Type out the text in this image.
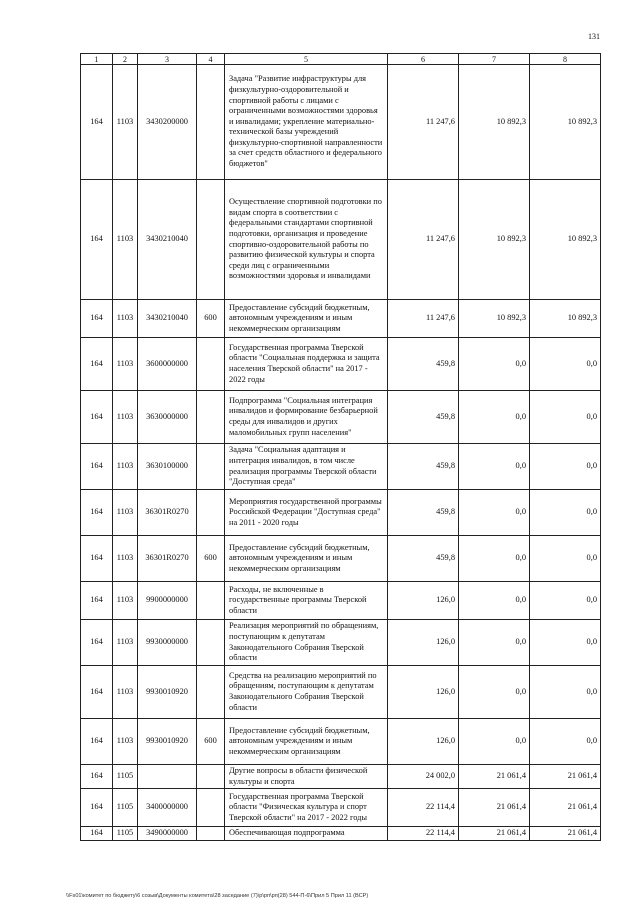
131
1	2	3	4	5	6	7	8
164	1103	3430200000		Задача "Развитие инфраструктуры для физкультурно-оздоровительной и спортивной работы с лицами с ограниченными возможностями здоровья и инвалидами; укрепление материально-технической базы учреждений физкультурно-спортивной направленности за счет средств областного и федерального бюджетов"	11 247,6	10 892,3	10 892,3
164	1103	3430210040		Осуществление спортивной подготовки по видам спорта в соответствии с федеральными стандартами спортивной подготовки, организация и проведение спортивно-оздоровительной работы по развитию физической культуры и спорта среди лиц с ограниченными возможностями здоровья и инвалидами	11 247,6	10 892,3	10 892,3
164	1103	3430210040	600	Предоставление субсидий бюджетным, автономным учреждениям и иным некоммерческим организациям	11 247,6	10 892,3	10 892,3
164	1103	3600000000		Государственная программа Тверской области "Социальная поддержка и защита населения Тверской области" на 2017 - 2022 годы	459,8	0,0	0,0
164	1103	3630000000		Подпрограмма "Социальная интеграция инвалидов и формирование безбарьерной среды для инвалидов и других маломобильных групп населения"	459,8	0,0	0,0
164	1103	3630100000		Задача "Социальная адаптация и интеграция инвалидов, в том числе реализация программы Тверской области "Доступная среда"	459,8	0,0	0,0
164	1103	36301R0270		Мероприятия государственной программы Российской Федерации "Доступная среда" на 2011 - 2020 годы	459,8	0,0	0,0
164	1103	36301R0270	600	Предоставление субсидий бюджетным, автономным учреждениям и иным некоммерческим организациям	459,8	0,0	0,0
164	1103	9900000000		Расходы, не включенные в государственные программы Тверской области	126,0	0,0	0,0
164	1103	9930000000		Реализация мероприятий по обращениям, поступающим к депутатам Законодательного Собрания Тверской области	126,0	0,0	0,0
164	1103	9930010920		Средства на реализацию мероприятий по обращениям, поступающим к депутатам Законодательного Собрания Тверской области	126,0	0,0	0,0
164	1103	9930010920	600	Предоставление субсидий бюджетным, автономным учреждениям и иным некоммерческим организациям	126,0	0,0	0,0
164	1105			Другие вопросы в области физической культуры и спорта	24 002,0	21 061,4	21 061,4
164	1105	3400000000		Государственная программа Тверской области "Физическая культура и спорт Тверской области" на 2017 - 2022 годы	22 114,4	21 061,4	21 061,4
164	1105	3490000000		Обеспечивающая подпрограмма	22 114,4	21 061,4	21 061,4
\\Fs01\комитет по бюджету\6 созыв\Документы комитета\28 заседание (7)\р\рп\рп(28) 544-П-6\Прил 5 Прил 11 (ВСР)
